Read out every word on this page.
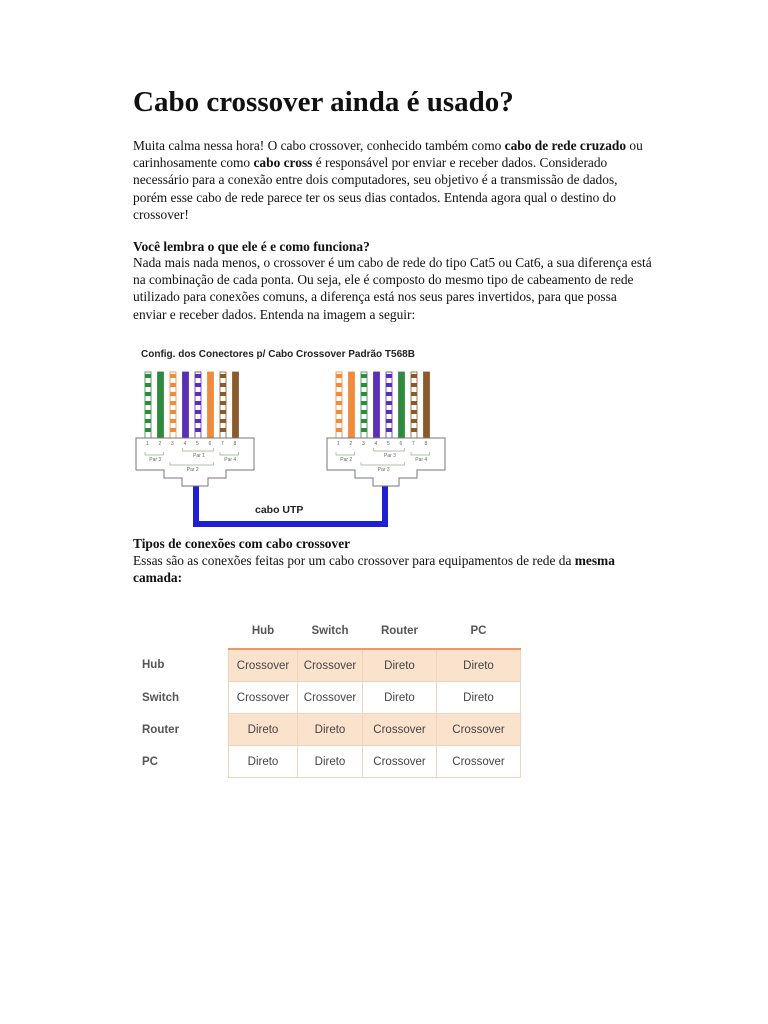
Cabo crossover ainda é usado?

Muita calma nessa hora! O cabo crossover, conhecido também como cabo de rede cruzado ou carinhosamente como cabo cross é responsável por enviar e receber dados. Considerado necessário para a conexão entre dois computadores, seu objetivo é a transmissão de dados, porém esse cabo de rede parece ter os seus dias contados. Entenda agora qual o destino do crossover!

Você lembra o que ele é e como funciona?

Nada mais nada menos, o crossover é um cabo de rede do tipo Cat5 ou Cat6, a sua diferença está na combinação de cada ponta. Ou seja, ele é composto do mesmo tipo de cabeamento de rede utilizado para conexões comuns, a diferença está nos seus pares invertidos, para que possa enviar e receber dados. Entenda na imagem a seguir:

Config. dos Conectores p/ Cabo Crossover Padrão T568B
1 2 3 4 5 6 7 8
Par 3
Par 1
Par 4
Par 2
1 2 3 4 5 6 7 8
Par 2
Par 3
Par 4
Par 3
cabo UTP
Tipos de conexões com cabo crossover

Essas são as conexões feitas por um cabo crossover para equipamentos de rede da mesma camada:

	Hub	Switch	Router	PC
Hub	Crossover	Crossover	Direto	Direto
Switch	Crossover	Crossover	Direto	Direto
Router	Direto	Direto	Crossover	Crossover
PC	Direto	Direto	Crossover	Crossover
